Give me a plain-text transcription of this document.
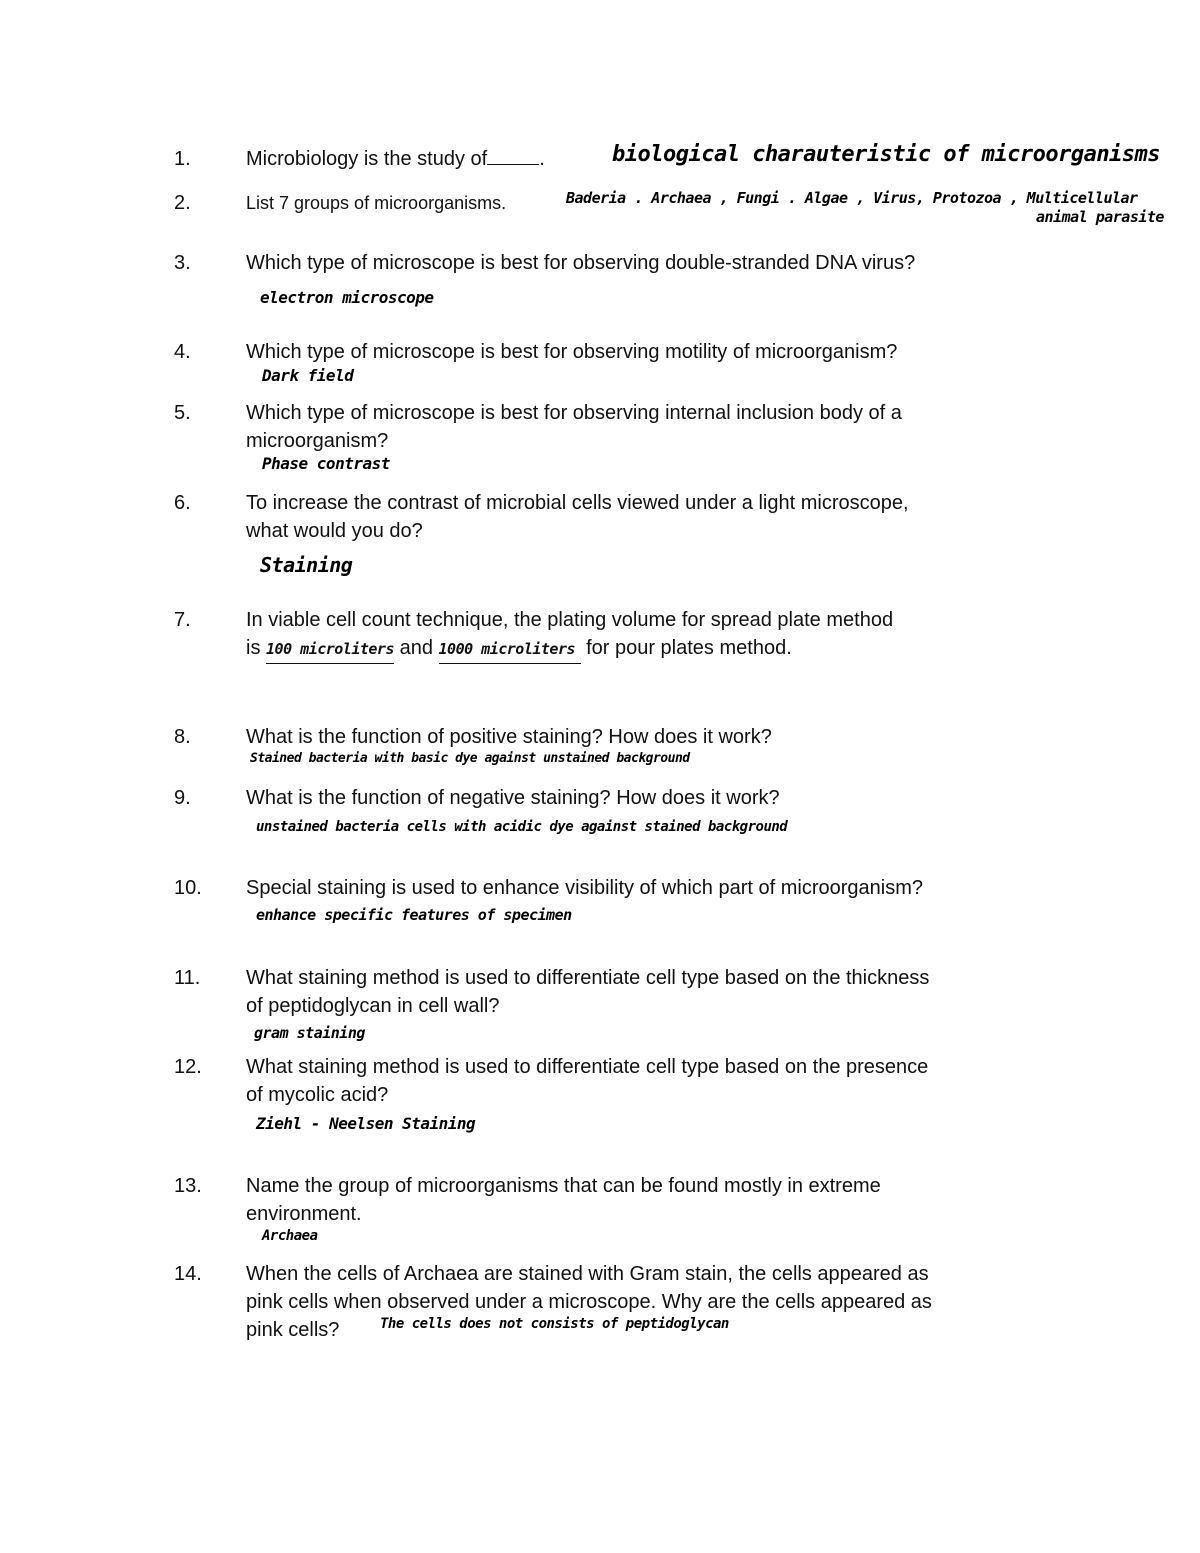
1.	Microbiology is the study of	.	biological charauteristic of microorganisms
2.	List 7 groups of microorganisms.	Baderia . Archaea , Fungi . Algae , Virus, Protozoa , Multicellular
animal parasite
3.	Which type of microscope is best for observing double-stranded DNA virus?
electron microscope
4.	Which type of microscope is best for observing motility of microorganism?
Dark field
5.	Which type of microscope is best for observing internal inclusion body of a
microorganism?
Phase contrast
6.	To increase the contrast of microbial cells viewed under a light microscope,
what would you do?
Staining
7.	In viable cell count technique, the plating volume for spread plate method
is 100 microliters and 1000 microliters for pour plates method.
8.	What is the function of positive staining? How does it work?
Stained bacteria with basic dye against unstained background
9.	What is the function of negative staining? How does it work?
unstained bacteria cells with acidic dye against stained background
10. Special staining is used to enhance visibility of which part of microorganism?
enhance specific features of specimen
11. What staining method is used to differentiate cell type based on the thickness
of peptidoglycan in cell wall?
gram staining
12. What staining method is used to differentiate cell type based on the presence
of mycolic acid?
Ziehl - Neelsen Staining
13. Name the group of microorganisms that can be found mostly in extreme
environment.
Archaea
14. When the cells of Archaea are stained with Gram stain, the cells appeared as
pink cells when observed under a microscope. Why are the cells appeared as
pink cells?	The cells does not consists of peptidoglycan
